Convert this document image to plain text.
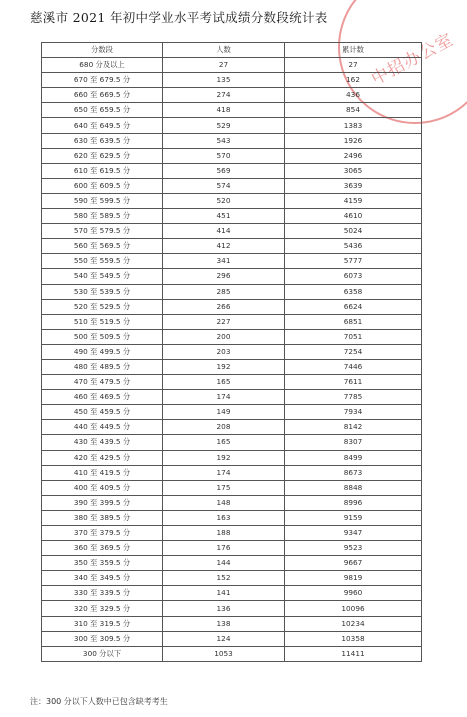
慈溪市 2021 年初中学业水平考试成绩分数段统计表
中招办公室
分数段	人数	累计数
680 分及以上	27	27
670 至 679.5 分	135	162
660 至 669.5 分	274	436
650 至 659.5 分	418	854
640 至 649.5 分	529	1383
630 至 639.5 分	543	1926
620 至 629.5 分	570	2496
610 至 619.5 分	569	3065
600 至 609.5 分	574	3639
590 至 599.5 分	520	4159
580 至 589.5 分	451	4610
570 至 579.5 分	414	5024
560 至 569.5 分	412	5436
550 至 559.5 分	341	5777
540 至 549.5 分	296	6073
530 至 539.5 分	285	6358
520 至 529.5 分	266	6624
510 至 519.5 分	227	6851
500 至 509.5 分	200	7051
490 至 499.5 分	203	7254
480 至 489.5 分	192	7446
470 至 479.5 分	165	7611
460 至 469.5 分	174	7785
450 至 459.5 分	149	7934
440 至 449.5 分	208	8142
430 至 439.5 分	165	8307
420 至 429.5 分	192	8499
410 至 419.5 分	174	8673
400 至 409.5 分	175	8848
390 至 399.5 分	148	8996
380 至 389.5 分	163	9159
370 至 379.5 分	188	9347
360 至 369.5 分	176	9523
350 至 359.5 分	144	9667
340 至 349.5 分	152	9819
330 至 339.5 分	141	9960
320 至 329.5 分	136	10096
310 至 319.5 分	138	10234
300 至 309.5 分	124	10358
300 分以下	1053	11411
注：300 分以下人数中已包含缺考考生
